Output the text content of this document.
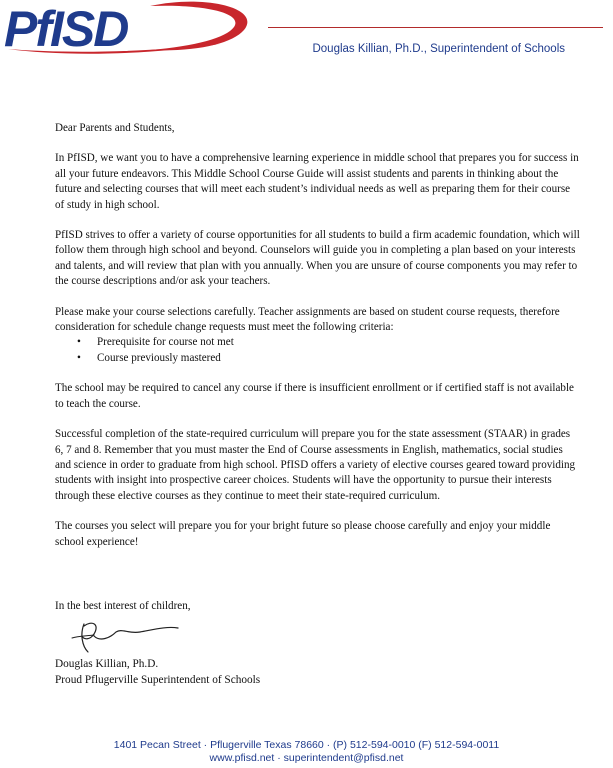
PfISD	Douglas Killian, Ph.D., Superintendent of Schools

Dear Parents and Students,

In PfISD, we want you to have a comprehensive learning experience in middle school that prepares you for success in all your future endeavors. This Middle School Course Guide will assist students and parents in thinking about the future and selecting courses that will meet each student’s individual needs as well as preparing them for their course of study in high school.

PfISD strives to offer a variety of course opportunities for all students to build a firm academic foundation, which will follow them through high school and beyond. Counselors will guide you in completing a plan based on your interests and talents, and will review that plan with you annually. When you are unsure of course components you may refer to the course descriptions and/or ask your teachers.

Please make your course selections carefully. Teacher assignments are based on student course requests, therefore consideration for schedule change requests must meet the following criteria:

• Prerequisite for course not met
• Course previously mastered

The school may be required to cancel any course if there is insufficient enrollment or if certified staff is not available to teach the course.

Successful completion of the state-required curriculum will prepare you for the state assessment (STAAR) in grades 6, 7 and 8. Remember that you must master the End of Course assessments in English, mathematics, social studies and science in order to graduate from high school. PfISD offers a variety of elective courses geared toward providing students with insight into prospective career choices. Students will have the opportunity to pursue their interests through these elective courses as they continue to meet their state-required curriculum.

The courses you select will prepare you for your bright future so please choose carefully and enjoy your middle school experience!

In the best interest of children,
Douglas Killian, Ph.D.
Proud Pflugerville Superintendent of Schools
1401 Pecan Street · Pflugerville Texas 78660 · (P) 512-594-0010 (F) 512-594-0011
www.pfisd.net · superintendent@pfisd.net
